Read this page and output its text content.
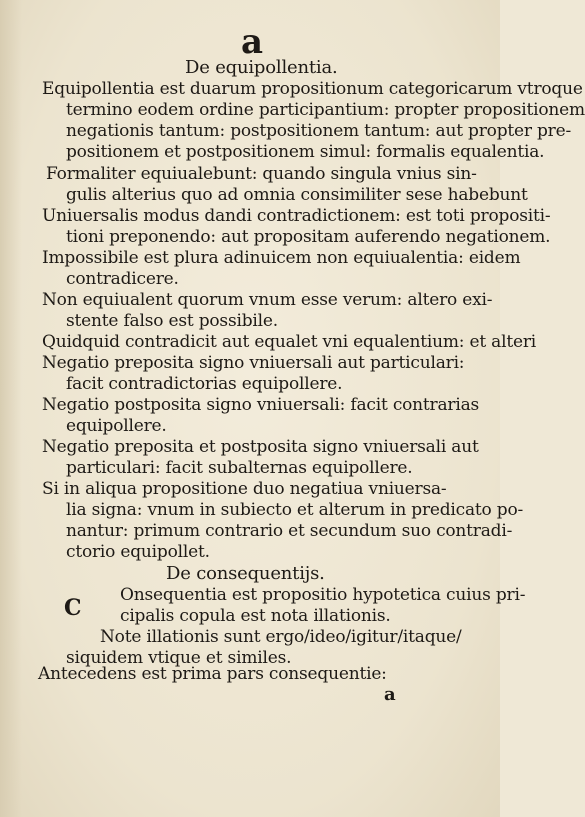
a
De equipollentia.
Equipollentia est duarum propositionum categoricarum vtroque
termino eodem ordine participantium: propter propositionem
negationis tantum: postpositionem tantum: aut propter pre-
positionem et postpositionem simul: formalis equalentia.
Formaliter equiualebunt: quando singula vnius sin-
gulis alterius quo ad omnia consimiliter sese habebunt
Uniuersalis modus dandi contradictionem: est toti propositi-
tioni preponendo: aut propositam auferendo negationem.
Impossibile est plura adinuicem non equiualentia: eidem
contradicere.
Non equiualent quorum vnum esse verum: altero exi-
stente falso est possibile.
Quidquid contradicit aut equalet vni equalentium: et alteri
Negatio preposita signo vniuersali aut particulari:
facit contradictorias equipollere.
Negatio postposita signo vniuersali: facit contrarias
equipollere.
Negatio preposita et postposita signo vniuersali aut
particulari: facit subalternas equipollere.
Si in aliqua propositione duo negatiua vniuersa-
lia signa: vnum in subiecto et alterum in predicato po-
nantur: primum contrario et secundum suo contradi-
ctorio equipollet.
De consequentijs.
Onsequentia est propositio hypotetica cuius pri-
C cipalis copula est nota illationis.
Note illationis sunt ergo/ideo/igitur/itaque/
siquidem vtique et similes.
Antecedens est prima pars consequentie:
a
